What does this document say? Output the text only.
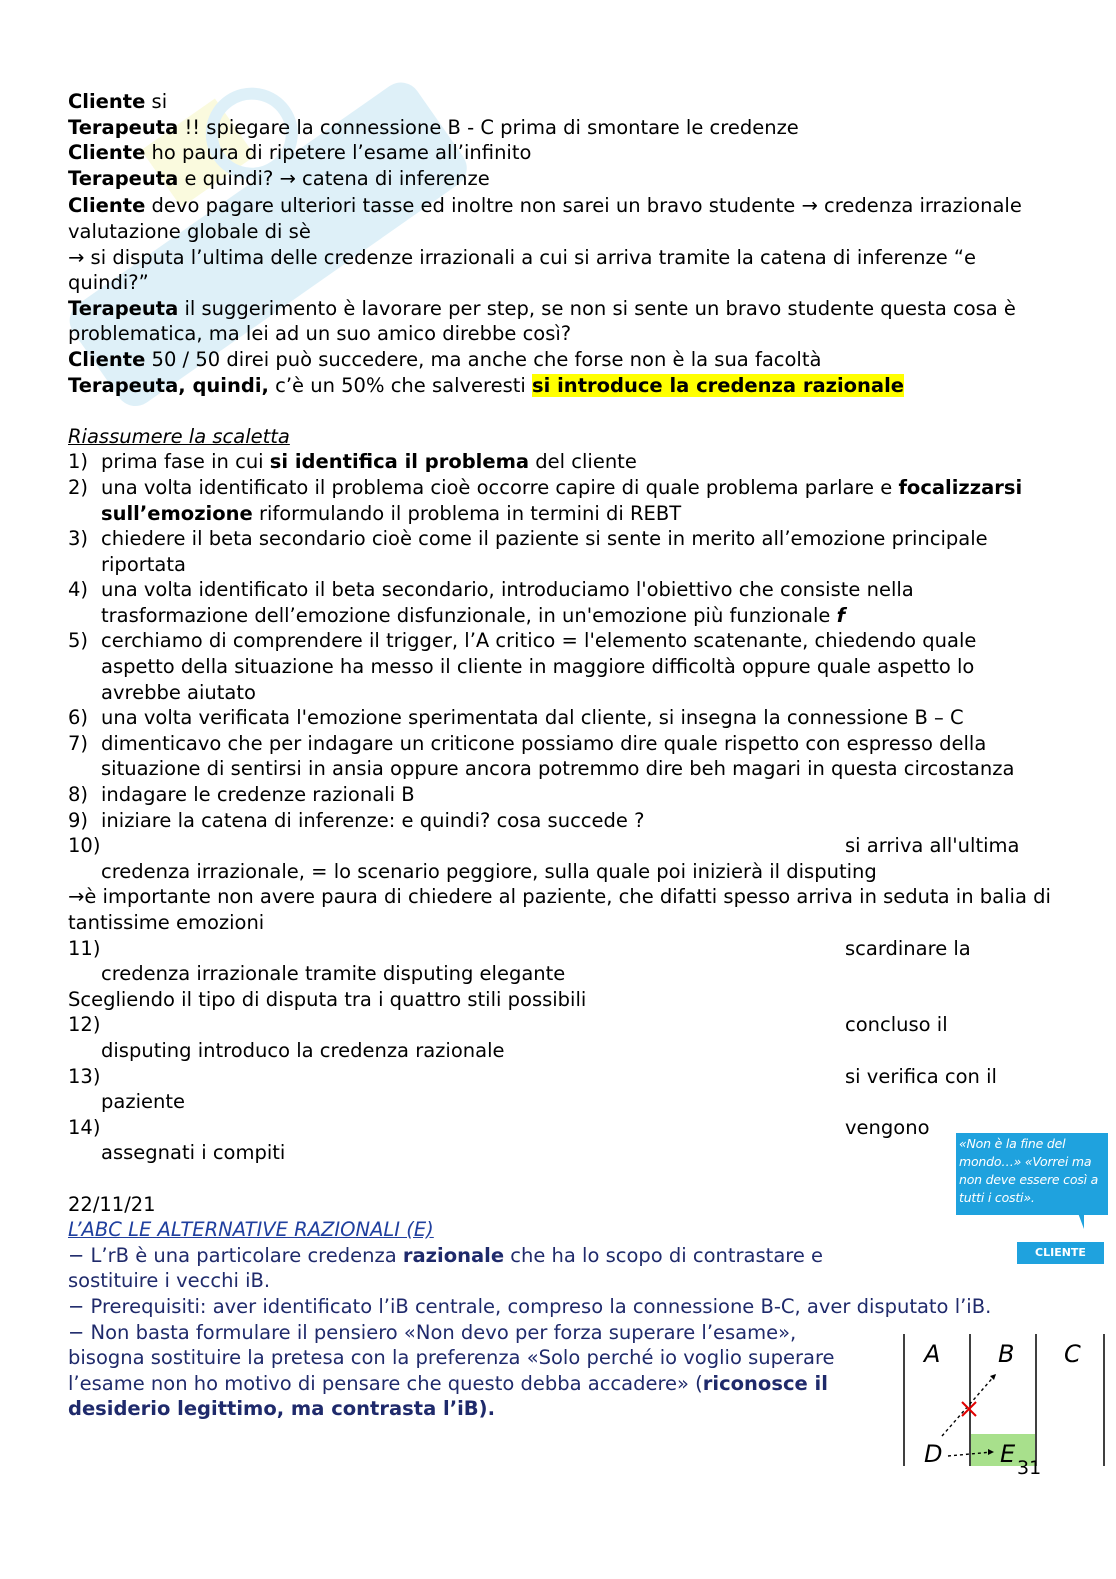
Cliente si

Terapeuta !! spiegare la connessione B - C prima di smontare le credenze

Cliente ho paura di ripetere l’esame all’infinito

Terapeuta e quindi? → catena di inferenze

Cliente devo pagare ulteriori tasse ed inoltre non sarei un bravo studente → credenza irrazionale valutazione globale di sè

→ si disputa l’ultima delle credenze irrazionali a cui si arriva tramite la catena di inferenze “e quindi?”

Terapeuta il suggerimento è lavorare per step, se non si sente un bravo studente questa cosa è problematica, ma lei ad un suo amico direbbe così?

Cliente 50 / 50 direi può succedere, ma anche che forse non è la sua facoltà

Terapeuta, quindi, c’è un 50% che salveresti si introduce la credenza razionale

Riassumere la scaletta

1) prima fase in cui si identifica il problema del cliente
2) una volta identificato il problema cioè occorre capire di quale problema parlare e focalizzarsi sull’emozione riformulando il problema in termini di REBT
3) chiedere il beta secondario cioè come il paziente si sente in merito all’emozione principale riportata
4) una volta identificato il beta secondario, introduciamo l'obiettivo che consiste nella trasformazione dell’emozione disfunzionale, in un'emozione più funzionale f
5) cerchiamo di comprendere il trigger, l’A critico = l'elemento scatenante, chiedendo quale aspetto della situazione ha messo il cliente in maggiore difficoltà oppure quale aspetto lo avrebbe aiutato
6) una volta verificata l'emozione sperimentata dal cliente, si insegna la connessione B – C
7) dimenticavo che per indagare un criticone possiamo dire quale rispetto con espresso della situazione di sentirsi in ansia oppure ancora potremmo dire beh magari in questa circostanza
8) indagare le credenze razionali B
9) iniziare la catena di inferenze: e quindi? cosa succede ?
10)	si arriva all'ultima

credenza irrazionale, = lo scenario peggiore, sulla quale poi inizierà il disputing

→è importante non avere paura di chiedere al paziente, che difatti spesso arriva in seduta in balia di tantissime emozioni

11)	scardinare la

credenza irrazionale tramite disputing elegante

Scegliendo il tipo di disputa tra i quattro stili possibili

12)	concluso il

disputing introduco la credenza razionale

13)	si verifica con il

paziente

14)	vengono

assegnati i compiti

22/11/21

L’ABC LE ALTERNATIVE RAZIONALI (E)

− L’rB è una particolare credenza razionale che ha lo scopo di contrastare e sostituire i vecchi iB.

− Prerequisiti: aver identificato l’iB centrale, compreso la connessione B-C, aver disputato l’iB.

− Non basta formulare il pensiero «Non devo per forza superare l’esame», bisogna sostituire la pretesa con la preferenza «Solo perché io voglio superare l’esame non ho motivo di pensare che questo debba accadere» (riconosce il desiderio legittimo, ma contrasta l’iB).

«Non è la fine del mondo…» «Vorrei ma non deve essere così a tutti i costi».
CLIENTE
A B C
D E 31
